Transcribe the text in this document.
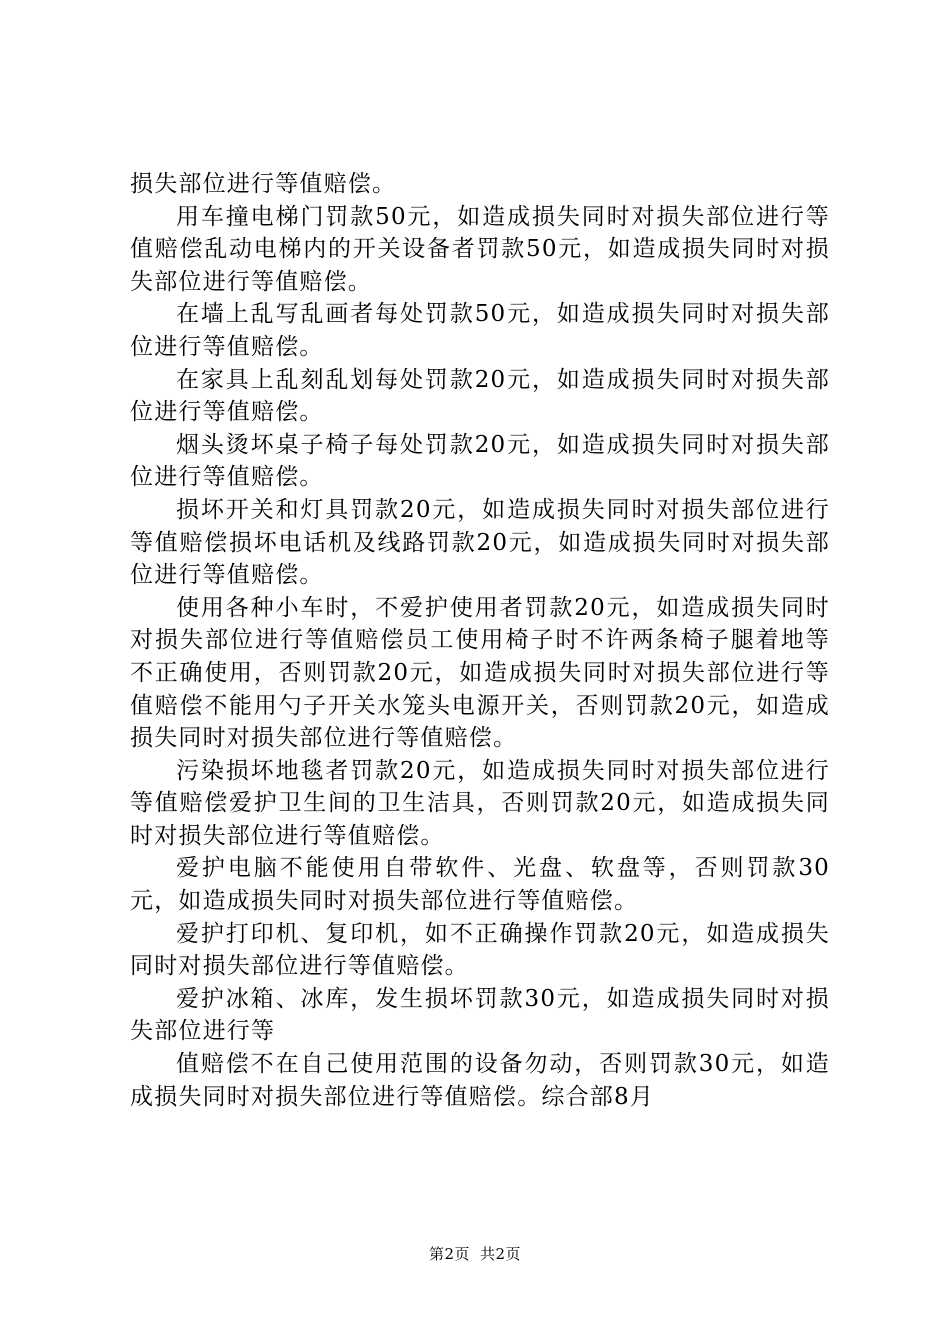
损失部位进行等值赔偿。

用车撞电梯门罚款50元，如造成损失同时对损失部位进行等值赔偿乱动电梯内的开关设备者罚款50元，如造成损失同时对损失部位进行等值赔偿。

在墙上乱写乱画者每处罚款50元，如造成损失同时对损失部位进行等值赔偿。

在家具上乱刻乱划每处罚款20元，如造成损失同时对损失部位进行等值赔偿。

烟头烫坏桌子椅子每处罚款20元，如造成损失同时对损失部位进行等值赔偿。

损坏开关和灯具罚款20元，如造成损失同时对损失部位进行等值赔偿损坏电话机及线路罚款20元，如造成损失同时对损失部位进行等值赔偿。

使用各种小车时，不爱护使用者罚款20元，如造成损失同时对损失部位进行等值赔偿员工使用椅子时不许两条椅子腿着地等不正确使用，否则罚款20元，如造成损失同时对损失部位进行等值赔偿不能用勺子开关水笼头电源开关，否则罚款20元，如造成损失同时对损失部位进行等值赔偿。

污染损坏地毯者罚款20元，如造成损失同时对损失部位进行等值赔偿爱护卫生间的卫生洁具，否则罚款20元，如造成损失同时对损失部位进行等值赔偿。

爱护电脑不能使用自带软件、光盘、软盘等，否则罚款30元，如造成损失同时对损失部位进行等值赔偿。

爱护打印机、复印机，如不正确操作罚款20元，如造成损失同时对损失部位进行等值赔偿。

爱护冰箱、冰库，发生损坏罚款30元，如造成损失同时对损失部位进行等

值赔偿不在自己使用范围的设备勿动，否则罚款30元，如造成损失同时对损失部位进行等值赔偿。综合部8月

第2页 共2页
